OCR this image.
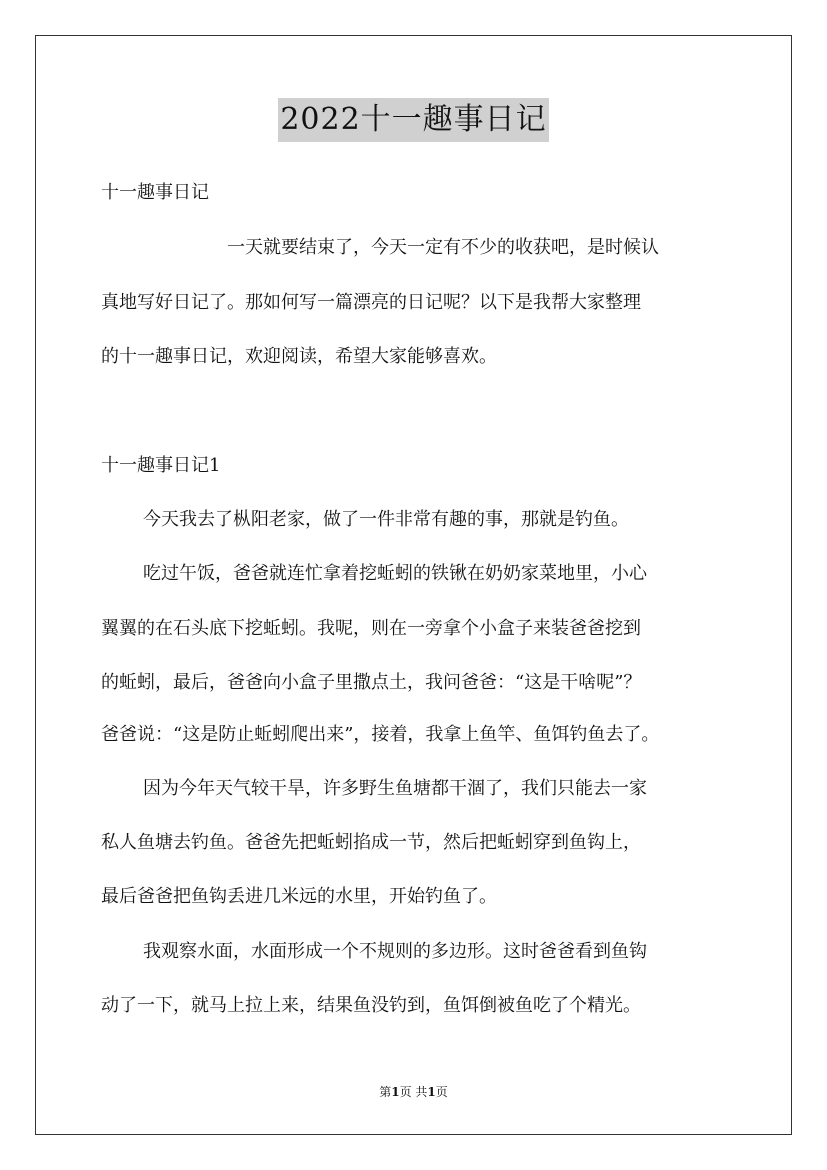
2022十一趣事日记
十一趣事日记
一天就要结束了，今天一定有不少的收获吧，是时候认
真地写好日记了。那如何写一篇漂亮的日记呢？以下是我帮大家整理
的十一趣事日记，欢迎阅读，希望大家能够喜欢。
十一趣事日记1
今天我去了枞阳老家，做了一件非常有趣的事，那就是钓鱼。
吃过午饭，爸爸就连忙拿着挖蚯蚓的铁锹在奶奶家菜地里，小心
翼翼的在石头底下挖蚯蚓。我呢，则在一旁拿个小盒子来装爸爸挖到
的蚯蚓，最后，爸爸向小盒子里撒点土，我问爸爸：“这是干啥呢”？
爸爸说：“这是防止蚯蚓爬出来”，接着，我拿上鱼竿、鱼饵钓鱼去了。
因为今年天气较干旱，许多野生鱼塘都干涸了，我们只能去一家
私人鱼塘去钓鱼。爸爸先把蚯蚓掐成一节，然后把蚯蚓穿到鱼钩上，
最后爸爸把鱼钩丢进几米远的水里，开始钓鱼了。
我观察水面，水面形成一个不规则的多边形。这时爸爸看到鱼钩
动了一下，就马上拉上来，结果鱼没钓到，鱼饵倒被鱼吃了个精光。
第1页 共1页
